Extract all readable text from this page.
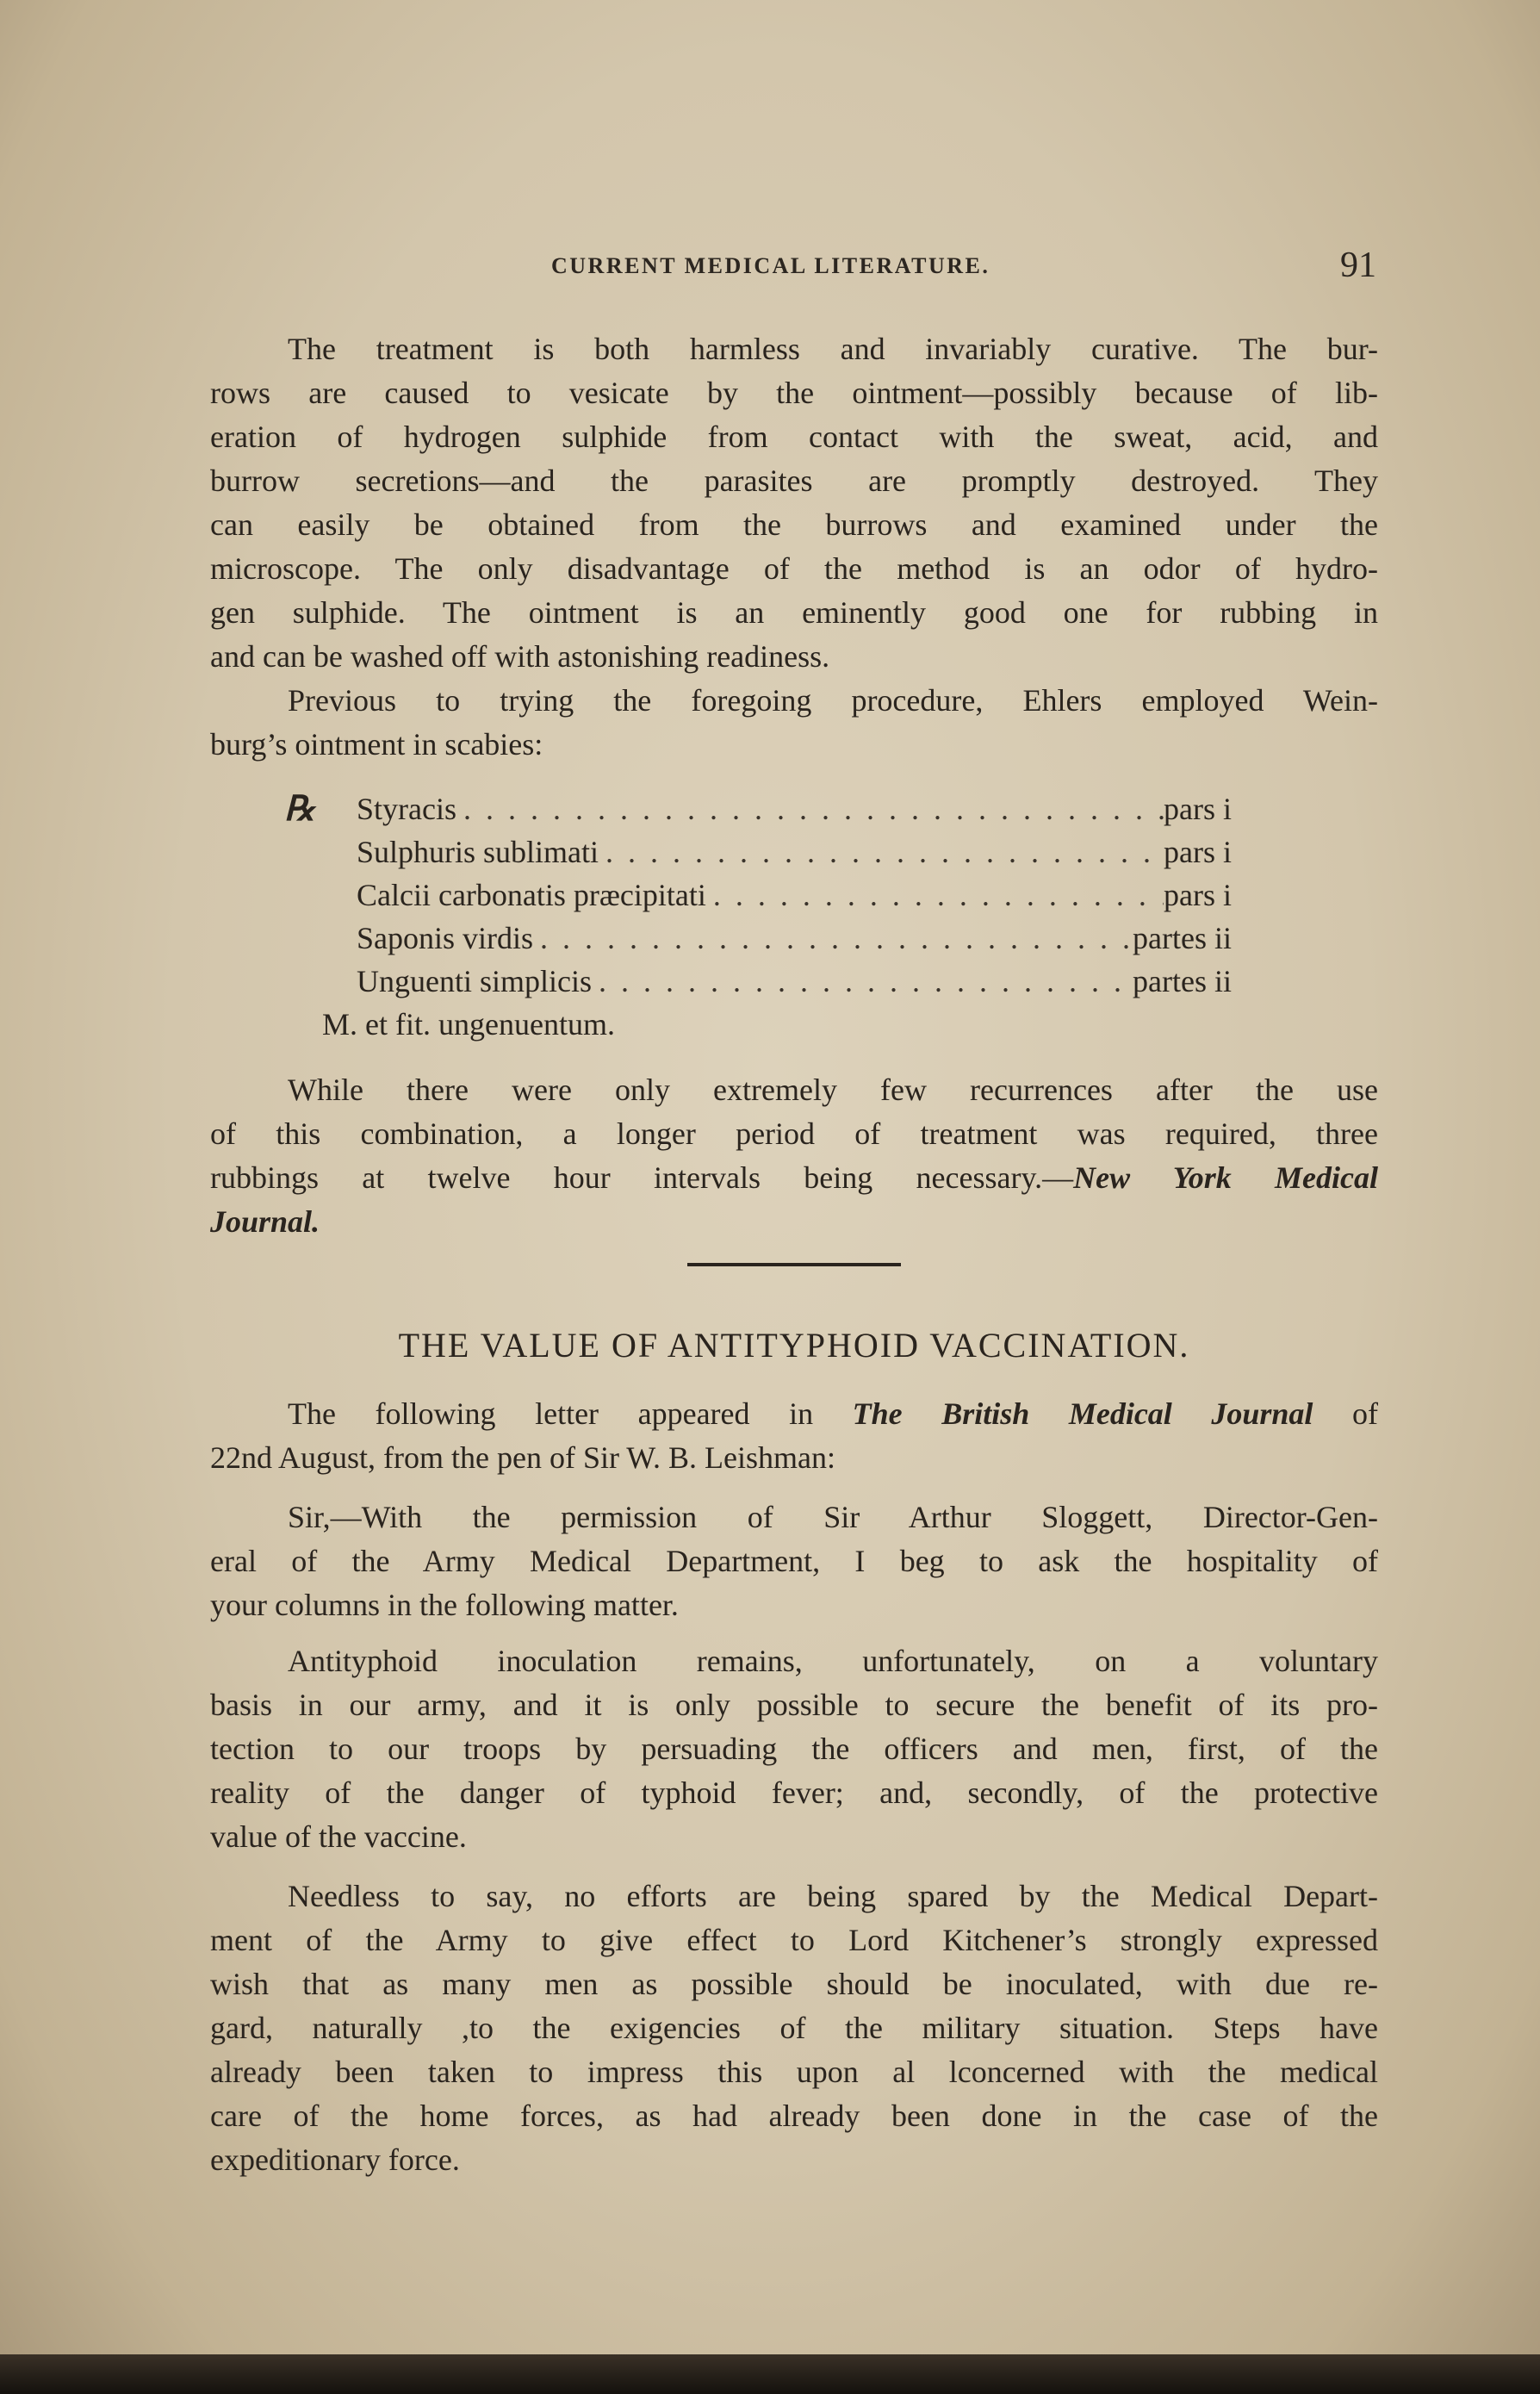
CURRENT MEDICAL LITERATURE.	91
The treatment is both harmless and invariably curative. The bur-
rows are caused to vesicate by the ointment—possibly because of lib-
eration of hydrogen sulphide from contact with the sweat, acid, and
burrow secretions—and the parasites are promptly destroyed. They
can easily be obtained from the burrows and examined under the
microscope. The only disadvantage of the method is an odor of hydro-
gen sulphide. The ointment is an eminently good one for rubbing in
and can be washed off with astonishing readiness.
Previous to trying the foregoing procedure, Ehlers employed Wein-
burg’s ointment in scabies:
℞ Styracis . . .	pars i
Sulphuris sublimati . . .	pars i
Calcii carbonatis præcipitati . . .	pars i
Saponis virdis . . .	partes ii
Unguenti simplicis . . .	partes ii
M. et fit. ungenuentum.
While there were only extremely few recurrences after the use
of this combination, a longer period of treatment was required, three
rubbings at twelve hour intervals being necessary.—New York Medical
Journal.
THE VALUE OF ANTITYPHOID VACCINATION.
The following letter appeared in The British Medical Journal of
22nd August, from the pen of Sir W. B. Leishman:
Sir,—With the permission of Sir Arthur Sloggett, Director-Gen-
eral of the Army Medical Department, I beg to ask the hospitality of
your columns in the following matter.
Antityphoid inoculation remains, unfortunately, on a voluntary
basis in our army, and it is only possible to secure the benefit of its pro-
tection to our troops by persuading the officers and men, first, of the
reality of the danger of typhoid fever; and, secondly, of the protective
value of the vaccine.
Needless to say, no efforts are being spared by the Medical Depart-
ment of the Army to give effect to Lord Kitchener’s strongly expressed
wish that as many men as possible should be inoculated, with due re-
gard, naturally ,to the exigencies of the military situation. Steps have
already been taken to impress this upon al lconcerned with the medical
care of the home forces, as had already been done in the case of the
expeditionary force.
